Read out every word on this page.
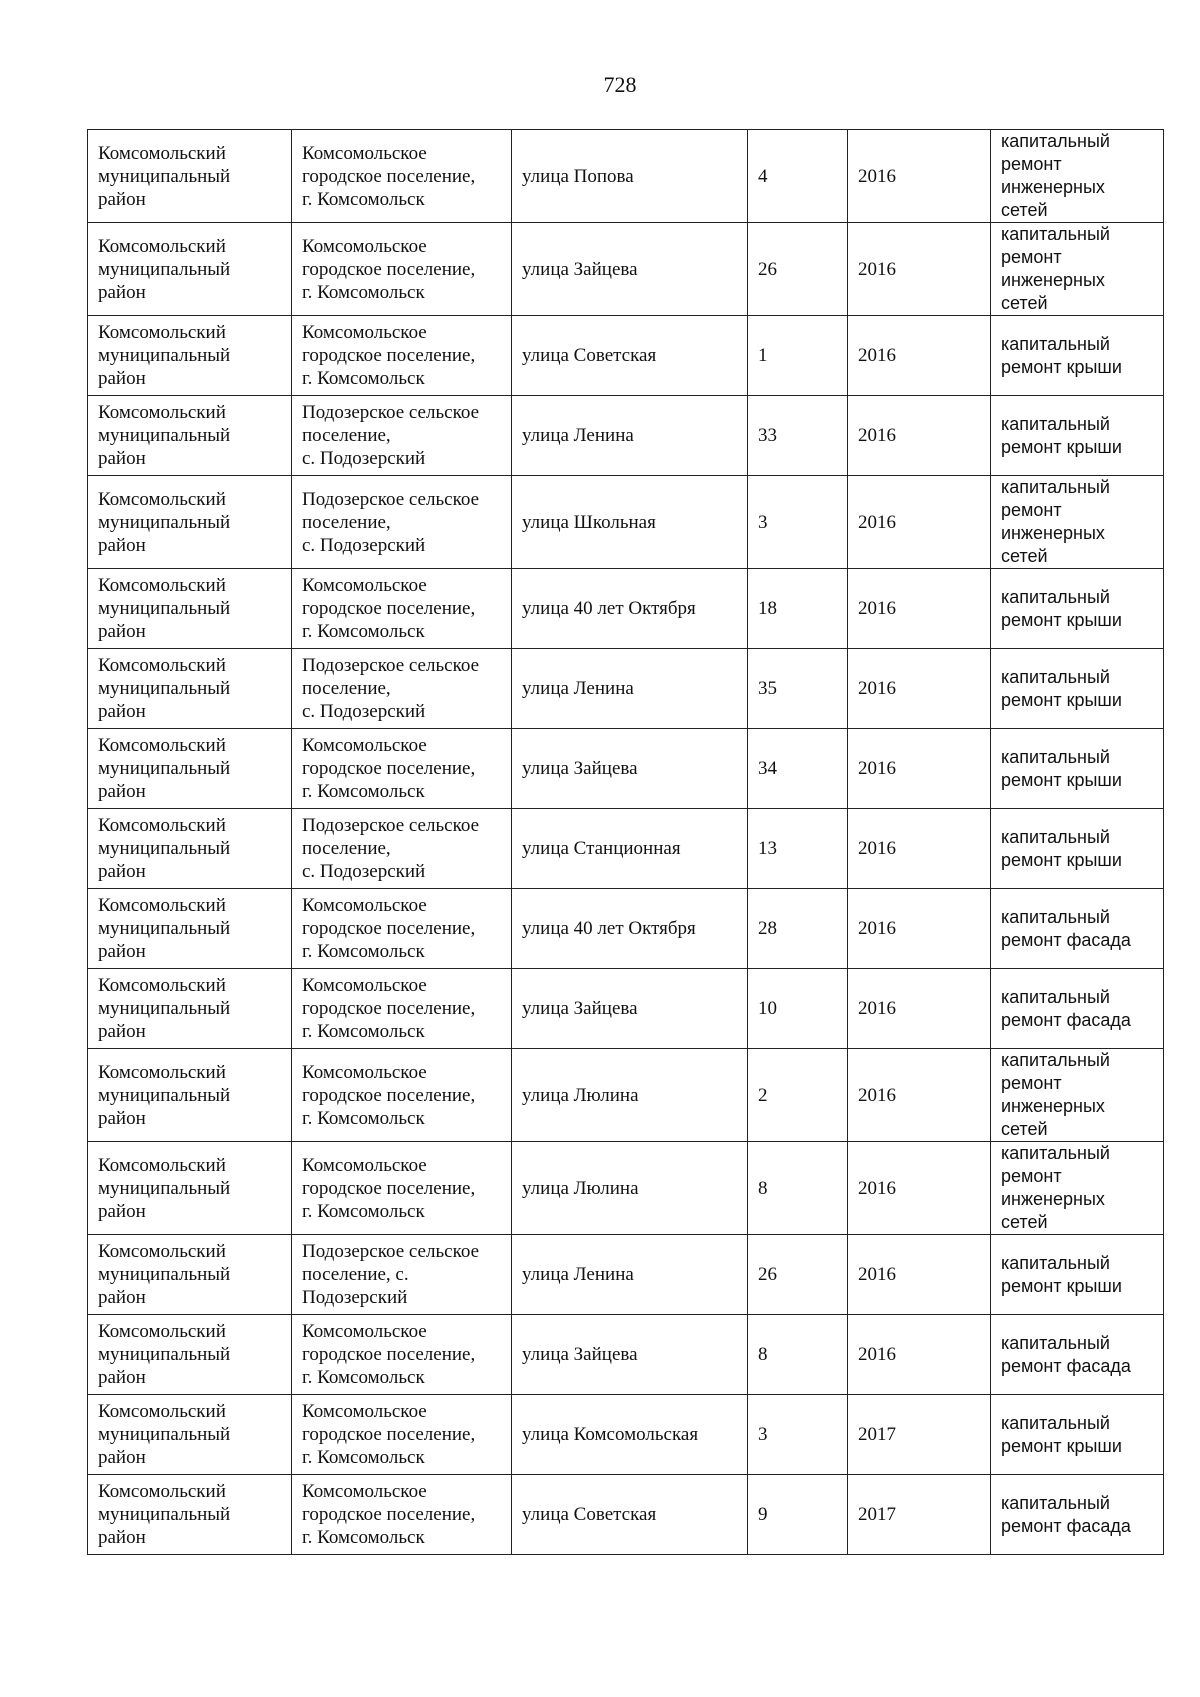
728
Комсомольский
муниципальный
район	Комсомольское
городское поселение,
г. Комсомольск	улица Попова	4	2016	капитальный
ремонт
инженерных
сетей

Комсомольский
муниципальный
район	Комсомольское
городское поселение,
г. Комсомольск	улица Зайцева	26	2016	капитальный
ремонт
инженерных
сетей

Комсомольский
муниципальный
район	Комсомольское
городское поселение,
г. Комсомольск	улица Советская	1	2016	капитальный
ремонт крыши

Комсомольский
муниципальный
район	Подозерское сельское
поселение,
с. Подозерский	улица Ленина	33	2016	капитальный
ремонт крыши

Комсомольский
муниципальный
район	Подозерское сельское
поселение,
с. Подозерский	улица Школьная	3	2016	капитальный
ремонт
инженерных
сетей

Комсомольский
муниципальный
район	Комсомольское
городское поселение,
г. Комсомольск	улица 40 лет Октября	18	2016	капитальный
ремонт крыши

Комсомольский
муниципальный
район	Подозерское сельское
поселение,
с. Подозерский	улица Ленина	35	2016	капитальный
ремонт крыши

Комсомольский
муниципальный
район	Комсомольское
городское поселение,
г. Комсомольск	улица Зайцева	34	2016	капитальный
ремонт крыши

Комсомольский
муниципальный
район	Подозерское сельское
поселение,
с. Подозерский	улица Станционная	13	2016	капитальный
ремонт крыши

Комсомольский
муниципальный
район	Комсомольское
городское поселение,
г. Комсомольск	улица 40 лет Октября	28	2016	капитальный
ремонт фасада

Комсомольский
муниципальный
район	Комсомольское
городское поселение,
г. Комсомольск	улица Зайцева	10	2016	капитальный
ремонт фасада

Комсомольский
муниципальный
район	Комсомольское
городское поселение,
г. Комсомольск	улица Люлина	2	2016	капитальный
ремонт
инженерных
сетей

Комсомольский
муниципальный
район	Комсомольское
городское поселение,
г. Комсомольск	улица Люлина	8	2016	капитальный
ремонт
инженерных
сетей

Комсомольский
муниципальный
район	Подозерское сельское
поселение, с.
Подозерский	улица Ленина	26	2016	капитальный
ремонт крыши

Комсомольский
муниципальный
район	Комсомольское
городское поселение,
г. Комсомольск	улица Зайцева	8	2016	капитальный
ремонт фасада

Комсомольский
муниципальный
район	Комсомольское
городское поселение,
г. Комсомольск	улица Комсомольская	3	2017	капитальный
ремонт крыши

Комсомольский
муниципальный
район	Комсомольское
городское поселение,
г. Комсомольск	улица Советская	9	2017	капитальный
ремонт фасада
